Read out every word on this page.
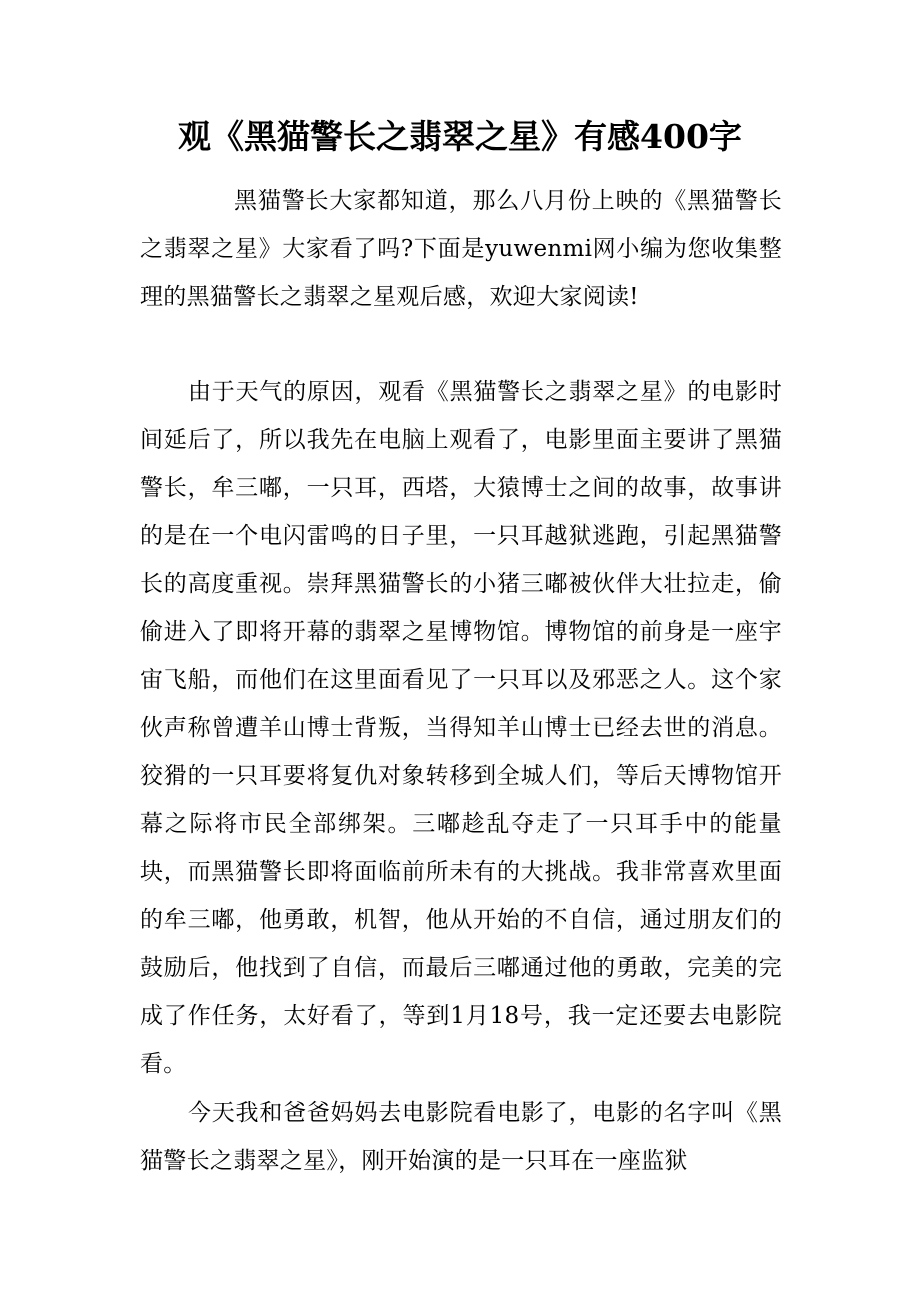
观《黑猫警长之翡翠之星》有感400字

黑猫警长大家都知道，那么八月份上映的《黑猫警长之翡翠之星》大家看了吗?下面是yuwenmi网小编为您收集整理的黑猫警长之翡翠之星观后感，欢迎大家阅读!

由于天气的原因，观看《黑猫警长之翡翠之星》的电影时间延后了，所以我先在电脑上观看了，电影里面主要讲了黑猫警长，牟三嘟，一只耳，西塔，大猿博士之间的故事，故事讲的是在一个电闪雷鸣的日子里，一只耳越狱逃跑，引起黑猫警长的高度重视。崇拜黑猫警长的小猪三嘟被伙伴大壮拉走，偷偷进入了即将开幕的翡翠之星博物馆。博物馆的前身是一座宇宙飞船，而他们在这里面看见了一只耳以及邪恶之人。这个家伙声称曾遭羊山博士背叛，当得知羊山博士已经去世的消息。狡猾的一只耳要将复仇对象转移到全城人们，等后天博物馆开幕之际将市民全部绑架。三嘟趁乱夺走了一只耳手中的能量块，而黑猫警长即将面临前所未有的大挑战。我非常喜欢里面的牟三嘟，他勇敢，机智，他从开始的不自信，通过朋友们的鼓励后，他找到了自信，而最后三嘟通过他的勇敢，完美的完成了作任务，太好看了，等到1月18号，我一定还要去电影院看。

今天我和爸爸妈妈去电影院看电影了，电影的名字叫《黑猫警长之翡翠之星》，刚开始演的是一只耳在一座监狱
